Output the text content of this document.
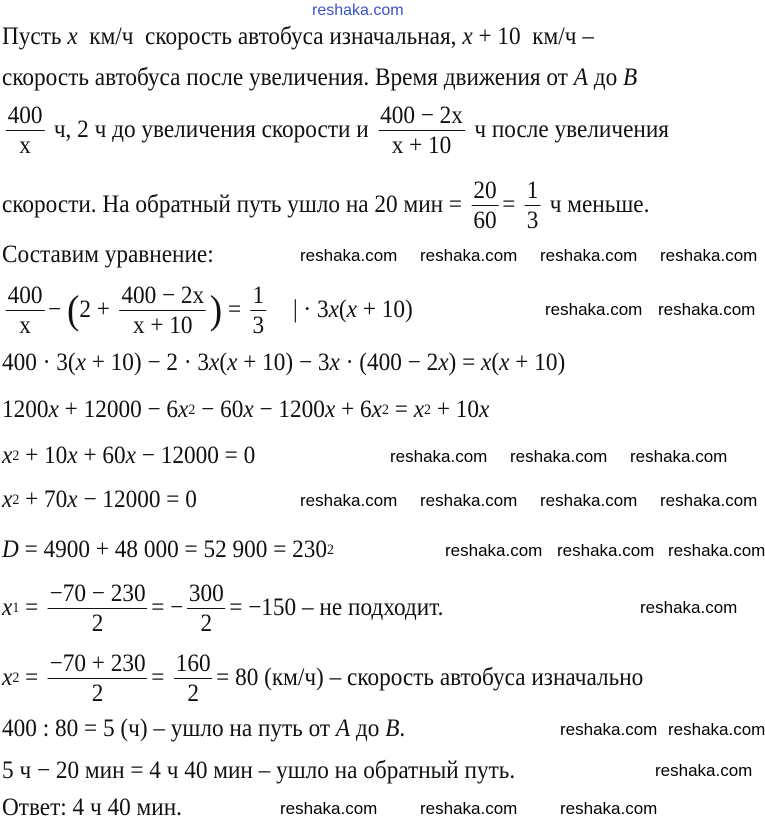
Пусть x км/ч  скорость автобуса изначальная, x + 10  км/ч –
скорость автобуса после увеличения. Время движения от A до B
$\frac{400}{x} ч$, 2 ч до увеличения скорости и $\frac{400 - 2x}{x + 10}$ ч после увеличения
скорости. На обратный путь ушло на 20 мин = $\frac{20}{60} = \frac{1}{3}$ ч меньше.
Составим уравнение:
$\frac{400}{x}$ − ( $2 + \frac{400 - 2x}{x + 10}$ ) = $\frac{1}{3}$ | · 3 x ( x + 10)
400 · 3( x + 10) − 2 · 3 x ( x + 10) − 3 x · (400 − 2 x ) = x ( x + 10)
1200 x + 12000 − 6 x 2 − 60 x − 1200 x + 6 x 2 = x 2 + 10 x
x 2 + 10 x + 60 x − 12000 = 0
x 2 + 70 x − 12000 = 0
D = 4900 + 48 000 = 52 900 = 230 2
x $1 = \frac{-70 - 230}{2}$ = − $\frac{300}{2} = -150$ – не подходит.
x $2 = \frac{-70 + 230}{2} = \frac{160}{2} = 80$ (км/ч) – скорость автобуса изначально
400 : 80 = 5 (ч) – ушло на путь от A до B .
5 ч − 20 мин = 4 ч 40 мин – ушло на обратный путь.
Ответ: 4 ч 40 мин.
reshaka.com
reshaka.com reshaka.com reshaka.com reshaka.com
reshaka.com reshaka.com
reshaka.com reshaka.com reshaka.com
reshaka.com reshaka.com reshaka.com reshaka.com
reshaka.com reshaka.com reshaka.com
reshaka.com
reshaka.com reshaka.com
reshaka.com
reshaka.com	reshaka.com	reshaka.com
